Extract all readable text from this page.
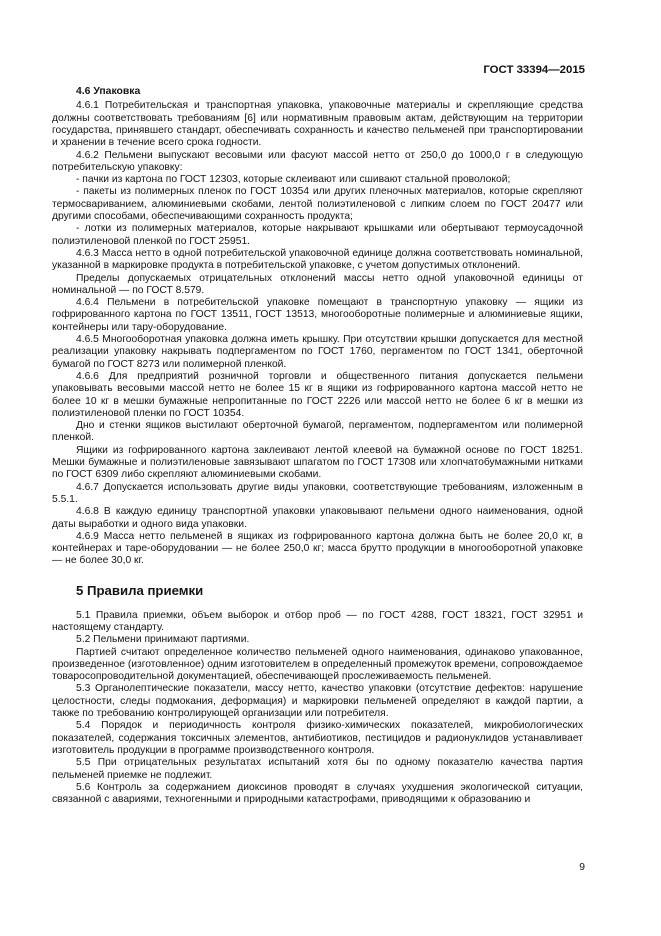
ГОСТ 33394—2015
4.6 Упаковка

4.6.1 Потребительская и транспортная упаковка, упаковочные материалы и скрепляющие средства должны соответствовать требованиям [6] или нормативным правовым актам, действующим на территории государства, принявшего стандарт, обеспечивать сохранность и качество пельменей при транспортировании и хранении в течение всего срока годности.

4.6.2 Пельмени выпускают весовыми или фасуют массой нетто от 250,0 до 1000,0 г в следующую потребительскую упаковку:

- пачки из картона по ГОСТ 12303, которые склеивают или сшивают стальной проволокой;

- пакеты из полимерных пленок по ГОСТ 10354 или других пленочных материалов, которые скрепляют термосвариванием, алюминиевыми скобами, лентой полиэтиленовой с липким слоем по ГОСТ 20477 или другими способами, обеспечивающими сохранность продукта;

- лотки из полимерных материалов, которые накрывают крышками или обертывают термоусадочной полиэтиленовой пленкой по ГОСТ 25951.

4.6.3 Масса нетто в одной потребительской упаковочной единице должна соответствовать номинальной, указанной в маркировке продукта в потребительской упаковке, с учетом допустимых отклонений.

Пределы допускаемых отрицательных отклонений массы нетто одной упаковочной единицы от номинальной — по ГОСТ 8.579.

4.6.4 Пельмени в потребительской упаковке помещают в транспортную упаковку — ящики из гофрированного картона по ГОСТ 13511, ГОСТ 13513, многооборотные полимерные и алюминиевые ящики, контейнеры или тару-оборудование.

4.6.5 Многооборотная упаковка должна иметь крышку. При отсутствии крышки допускается для местной реализации упаковку накрывать подпергаментом по ГОСТ 1760, пергаментом по ГОСТ 1341, оберточной бумагой по ГОСТ 8273 или полимерной пленкой.

4.6.6 Для предприятий розничной торговли и общественного питания допускается пельмени упаковывать весовыми массой нетто не более 15 кг в ящики из гофрированного картона массой нетто не более 10 кг в мешки бумажные непропитанные по ГОСТ 2226 или массой нетто не более 6 кг в мешки из полиэтиленовой пленки по ГОСТ 10354.

Дно и стенки ящиков выстилают оберточной бумагой, пергаментом, подпергаментом или полимерной пленкой.

Ящики из гофрированного картона заклеивают лентой клеевой на бумажной основе по ГОСТ 18251. Мешки бумажные и полиэтиленовые завязывают шпагатом по ГОСТ 17308 или хлопчатобумажными нитками по ГОСТ 6309 либо скрепляют алюминиевыми скобами.

4.6.7 Допускается использовать другие виды упаковки, соответствующие требованиям, изложенным в 5.5.1.

4.6.8 В каждую единицу транспортной упаковки упаковывают пельмени одного наименования, одной даты выработки и одного вида упаковки.

4.6.9 Масса нетто пельменей в ящиках из гофрированного картона должна быть не более 20,0 кг, в контейнерах и таре-оборудовании — не более 250,0 кг; масса брутто продукции в многооборотной упаковке — не более 30,0 кг.

5 Правила приемки

5.1 Правила приемки, объем выборок и отбор проб — по ГОСТ 4288, ГОСТ 18321, ГОСТ 32951 и настоящему стандарту.

5.2 Пельмени принимают партиями.

Партией считают определенное количество пельменей одного наименования, одинаково упакованное, произведенное (изготовленное) одним изготовителем в определенный промежуток времени, сопровождаемое товаросопроводительной документацией, обеспечивающей прослеживаемость пельменей.

5.3 Органолептические показатели, массу нетто, качество упаковки (отсутствие дефектов: нарушение целостности, следы подмокания, деформация) и маркировки пельменей определяют в каждой партии, а также по требованию контролирующей организации или потребителя.

5.4 Порядок и периодичность контроля физико-химических показателей, микробиологических показателей, содержания токсичных элементов, антибиотиков, пестицидов и радионуклидов устанавливает изготовитель продукции в программе производственного контроля.

5.5 При отрицательных результатах испытаний хотя бы по одному показателю качества партия пельменей приемке не подлежит.

5.6 Контроль за содержанием диоксинов проводят в случаях ухудшения экологической ситуации, связанной с авариями, техногенными и природными катастрофами, приводящими к образованию и

9
